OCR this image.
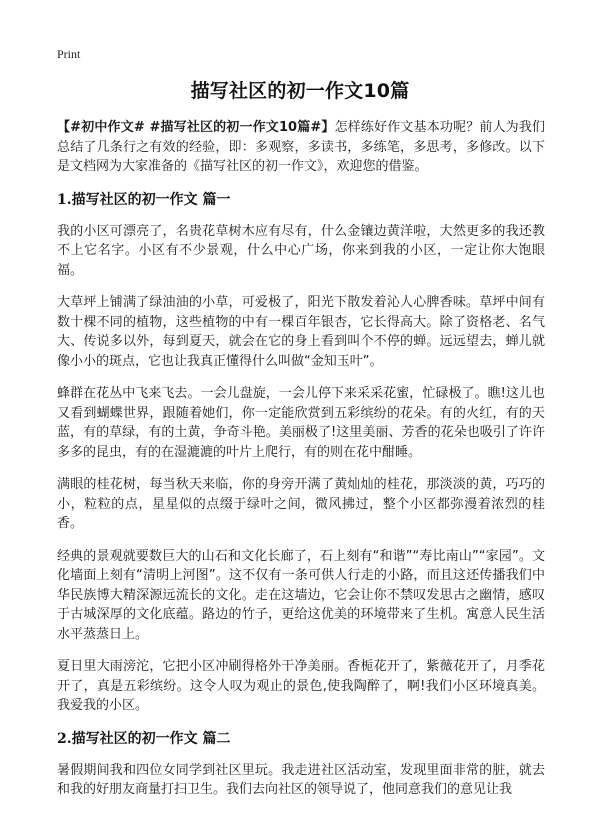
Print
描写社区的初一作文10篇

【#初中作文# #描写社区的初一作文10篇#】怎样练好作文基本功呢？前人为我们总结了几条行之有效的经验，即：多观察，多读书，多练笔，多思考，多修改。以下是文档网为大家准备的《描写社区的初一作文》，欢迎您的借鉴。

1.描写社区的初一作文 篇一

我的小区可漂亮了，名贵花草树木应有尽有，什么金镶边黄洋啦，大然更多的我还教不上它名字。小区有不少景观，什么中心广场，你来到我的小区，一定让你大饱眼福。

大草坪上铺满了绿油油的小草，可爱极了，阳光下散发着沁人心脾香味。草坪中间有数十棵不同的植物，这些植物的中有一棵百年银杏，它长得高大。除了资格老、名气大、传说多以外，每到夏天，就会在它的身上看到叫个不停的蝉。远远望去，蝉儿就像小小的斑点，它也让我真正懂得什么叫做“金知玉叶”。

蜂群在花丛中飞来飞去。一会儿盘旋，一会儿停下来采采花蜜，忙碌极了。瞧!这儿也又看到蝴蝶世界，跟随着她们，你一定能欣赏到五彩缤纷的花朵。有的火红，有的天蓝，有的草绿，有的土黄，争奇斗艳。美丽极了!这里美丽、芳香的花朵也吸引了许许多多的昆虫，有的在湿漉漉的叶片上爬行，有的则在花中酣睡。

满眼的桂花树，每当秋天来临，你的身旁开满了黄灿灿的桂花，那淡淡的黄，巧巧的小，粒粒的点，星星似的点缀于绿叶之间，微风拂过，整个小区都弥漫着浓烈的桂香。

经典的景观就要数巨大的山石和文化长廊了，石上刻有“和谐”“寿比南山”“家园”。文化墙面上刻有“清明上河图”。这不仅有一条可供人行走的小路，而且这还传播我们中华民族博大精深源远流长的文化。走在这墙边，它会让你不禁叹发思古之幽情，感叹于古城深厚的文化底蕴。路边的竹子，更给这优美的环境带来了生机。寓意人民生活水平蒸蒸日上。

夏日里大雨滂沱，它把小区冲刷得格外干净美丽。香栀花开了，紫薇花开了，月季花开了，真是五彩缤纷。这令人叹为观止的景色,使我陶醉了，啊!我们小区环境真美。我爱我的小区。

2.描写社区的初一作文 篇二

暑假期间我和四位女同学到社区里玩。我走进社区活动室，发现里面非常的脏，就去和我的好朋友商量打扫卫生。我们去向社区的领导说了，他同意我们的意见让我
